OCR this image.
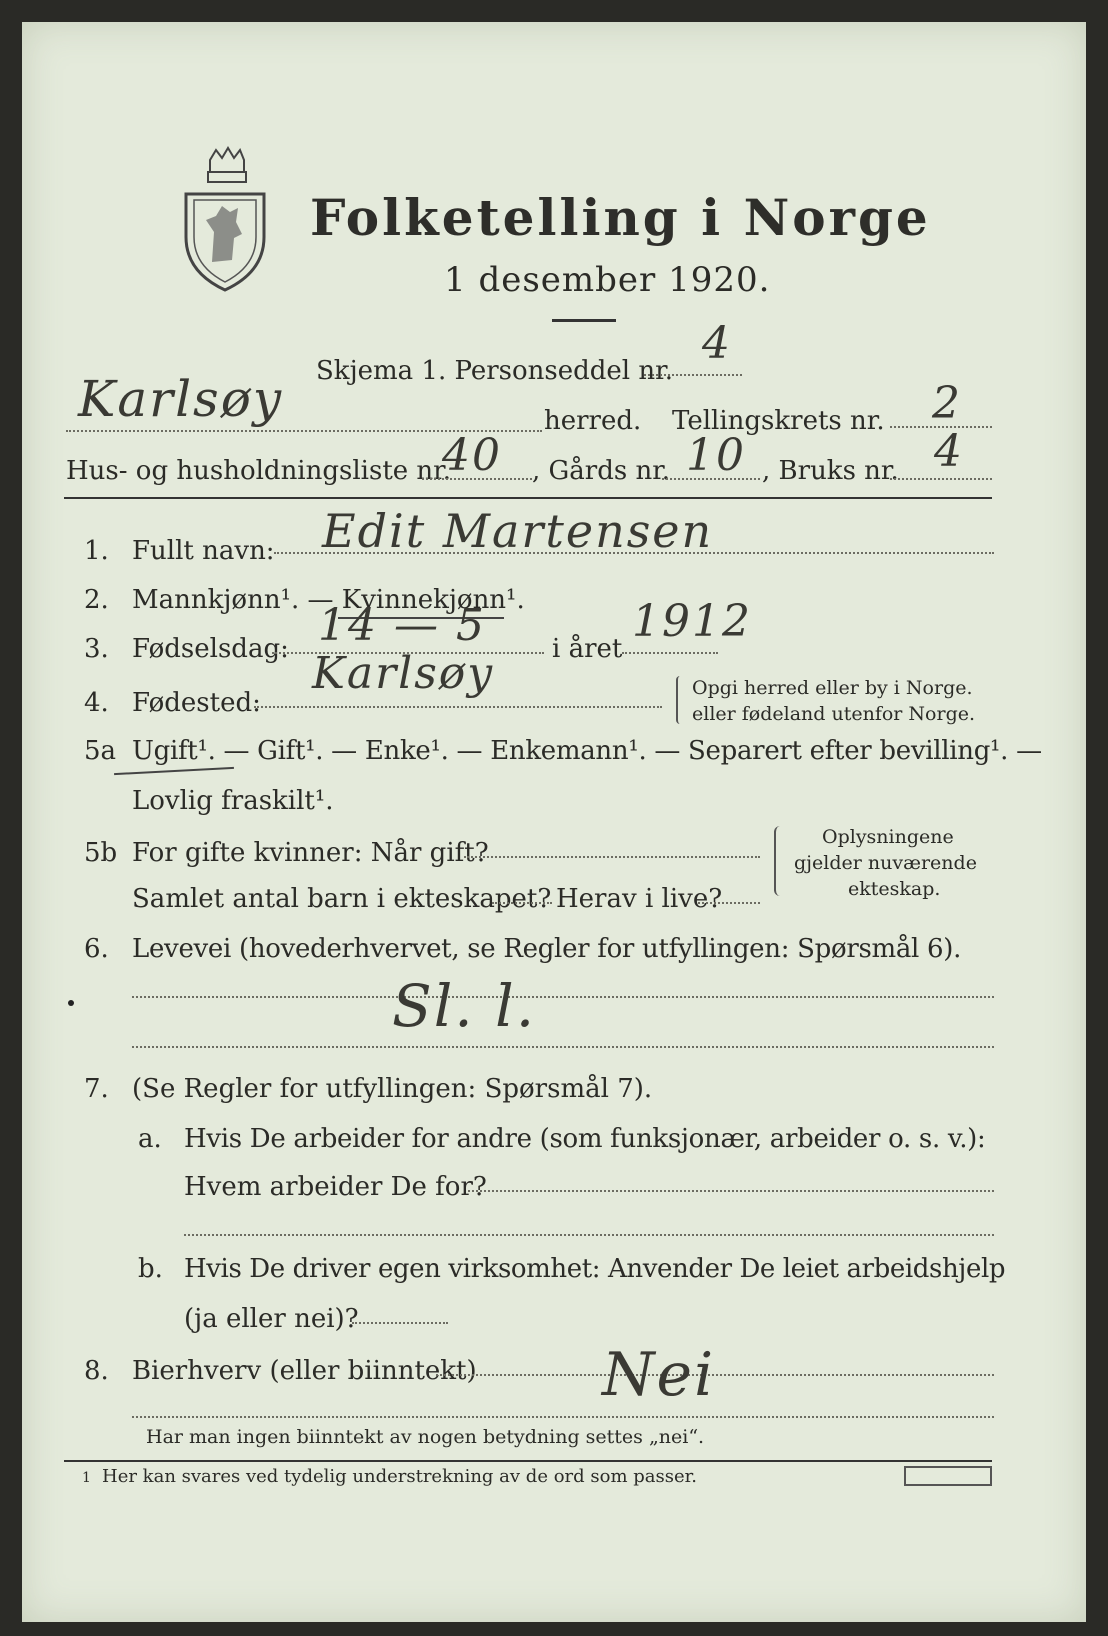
Folketelling i Norge
1 desember 1920.
Skjema 1. Personseddel nr.
4
Karlsøy	herred. Tellingskrets nr. 2
Hus- og husholdningsliste nr.
40 , Gårds nr. 10 , Bruks nr. 4
1. Fullt navn: Edit Martensen
2. Mannkjønn¹. — Kvinnekjønn¹.
3. Fødselsdag: 14 — 5	i året
1912
4. Fødested:
Karlsøy	Opgi herred eller by i Norge.
eller fødeland utenfor Norge.
5a Ugift¹. — Gift¹. — Enke¹. — Enkemann¹. — Separert efter bevilling¹. —
Lovlig fraskilt¹.
5b For gifte kvinner: Når gift?
Samlet antal barn i ekteskapet? Herav i live?
Oplysningene
gjelder nuværende
ekteskap.
6. Levevei (hovederhvervet, se Regler for utfyllingen: Spørsmål 6).
Sl. l.
7. (Se Regler for utfyllingen: Spørsmål 7).
a. Hvis De arbeider for andre (som funksjonær, arbeider o. s. v.):
Hvem arbeider De for?
b. Hvis De driver egen virksomhet: Anvender De leiet arbeidshjelp
(ja eller nei)?
8. Bierhverv (eller biinntekt) Nei
Har man ingen biinntekt av nogen betydning settes „nei“.
1 Her kan svares ved tydelig understrekning av de ord som passer.
